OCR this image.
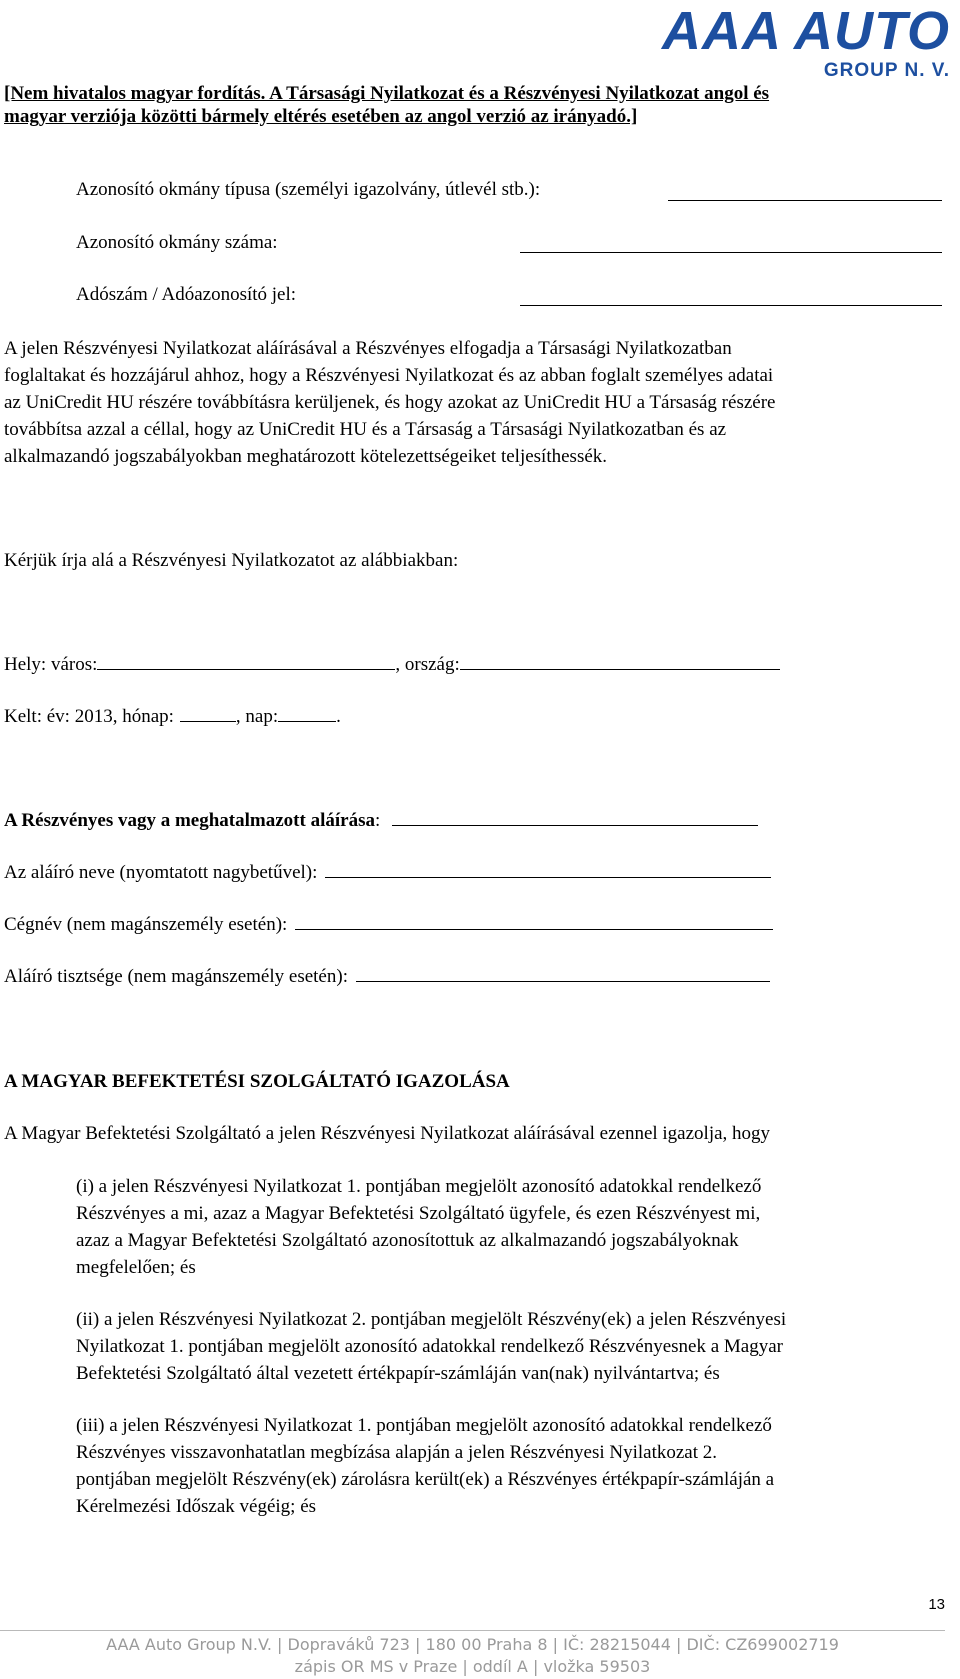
AAA AUTO
GROUP N. V.
[Nem hivatalos magyar fordítás. A Társasági Nyilatkozat és a Részvényesi Nyilatkozat angol és
magyar verziója közötti bármely eltérés esetében az angol verzió az irányadó.]
Azonosító okmány típusa (személyi igazolvány, útlevél stb.):
Azonosító okmány száma:
Adószám / Adóazonosító jel:
A jelen Részvényesi Nyilatkozat aláírásával a Részvényes elfogadja a Társasági Nyilatkozatban
foglaltakat és hozzájárul ahhoz, hogy a Részvényesi Nyilatkozat és az abban foglalt személyes adatai
az UniCredit HU részére továbbításra kerüljenek, és hogy azokat az UniCredit HU a Társaság részére
továbbítsa azzal a céllal, hogy az UniCredit HU és a Társaság a Társasági Nyilatkozatban és az
alkalmazandó jogszabályokban meghatározott kötelezettségeiket teljesíthessék.
Kérjük írja alá a Részvényesi Nyilatkozatot az alábbiakban:
Hely: város:	, ország:
Kelt: év: 2013, hónap:	, nap:	.
A Részvényes vagy a meghatalmazott aláírása:
Az aláíró neve (nyomtatott nagybetűvel):
Cégnév (nem magánszemély esetén):
Aláíró tisztsége (nem magánszemély esetén):
A MAGYAR BEFEKTETÉSI SZOLGÁLTATÓ IGAZOLÁSA
A Magyar Befektetési Szolgáltató a jelen Részvényesi Nyilatkozat aláírásával ezennel igazolja, hogy
(i) a jelen Részvényesi Nyilatkozat 1. pontjában megjelölt azonosító adatokkal rendelkező
Részvényes a mi, azaz a Magyar Befektetési Szolgáltató ügyfele, és ezen Részvényest mi,
azaz a Magyar Befektetési Szolgáltató azonosítottuk az alkalmazandó jogszabályoknak
megfelelően; és
(ii) a jelen Részvényesi Nyilatkozat 2. pontjában megjelölt Részvény(ek) a jelen Részvényesi
Nyilatkozat 1. pontjában megjelölt azonosító adatokkal rendelkező Részvényesnek a Magyar
Befektetési Szolgáltató által vezetett értékpapír-számláján van(nak) nyilvántartva; és
(iii) a jelen Részvényesi Nyilatkozat 1. pontjában megjelölt azonosító adatokkal rendelkező
Részvényes visszavonhatatlan megbízása alapján a jelen Részvényesi Nyilatkozat 2.
pontjában megjelölt Részvény(ek) zárolásra került(ek) a Részvényes értékpapír-számláján a
Kérelmezési Időszak végéig; és
13
AAA Auto Group N.V. | Dopraváků 723 | 180 00 Praha 8 | IČ: 28215044 | DIČ: CZ699002719
zápis OR MS v Praze | oddíl A | vložka 59503
